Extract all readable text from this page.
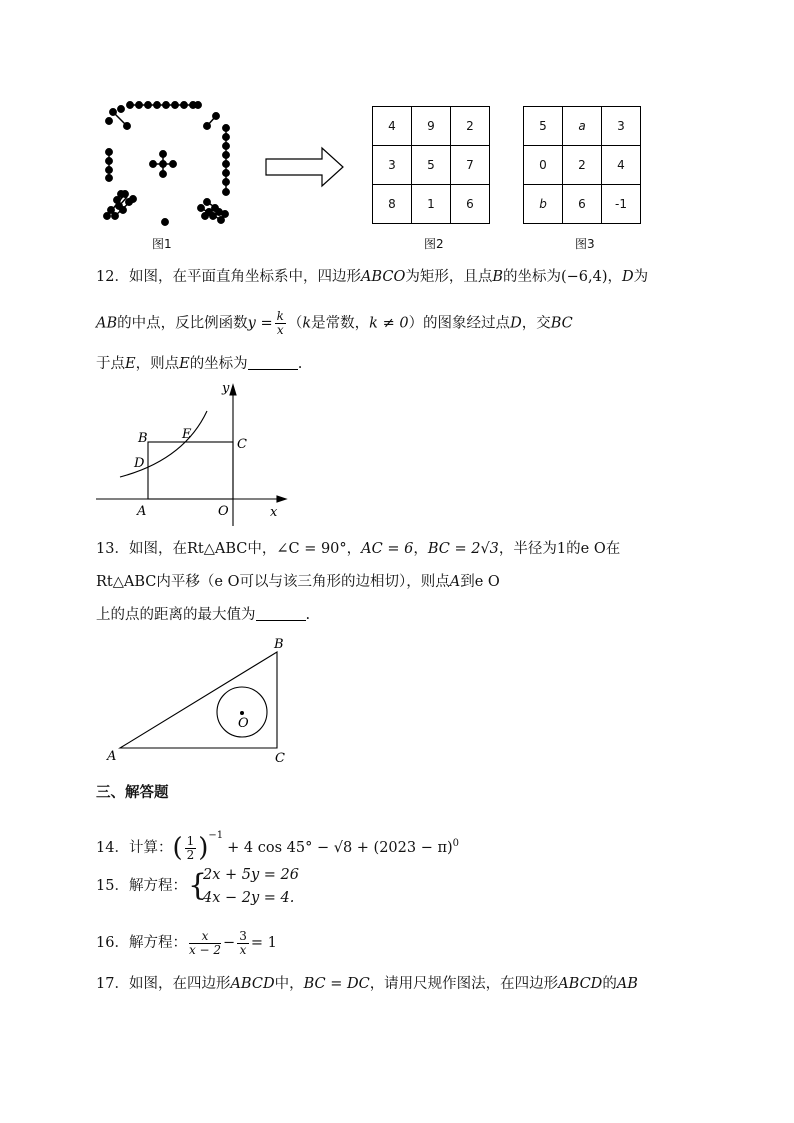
图1
4	9	2
3	5	7
8	1	6
图2
5	a	3
0	2	4
b	6	-1
图3
12．如图，在平面直角坐标系中，四边形ABCO为矩形，且点B的坐标为(−6,4)，D为
AB的中点，反比例函数$y = \frac{k}{x} (k$是常数，k ≠ 0）的图象经过点D，交BC
于点E，则点E的坐标为	.
B	E
C
D
A	O	x
y
13．如图，在Rt△ABC中，∠C = 90°，AC = 6，BC = 2√3，半径为1的e O在
Rt△ABC内平移（e O可以与该三角形的边相切），则点A到e O
上的点的距离的最大值为	.
A
B
C
O
三、解答题
14．计算：( $\frac{1}{2} )^{-1}+ 4$ $\cos 45^\circ - √8 + (2023 - \pi)^0$
15．解方程： {
2x + 5y = 26
4x − 2y = 4.
16．解方程： $\frac{x}{x - 2} - \frac{3}{x} = 1$
17．如图，在四边形ABCD中，BC = DC，请用尺规作图法，在四边形ABCD的AB
